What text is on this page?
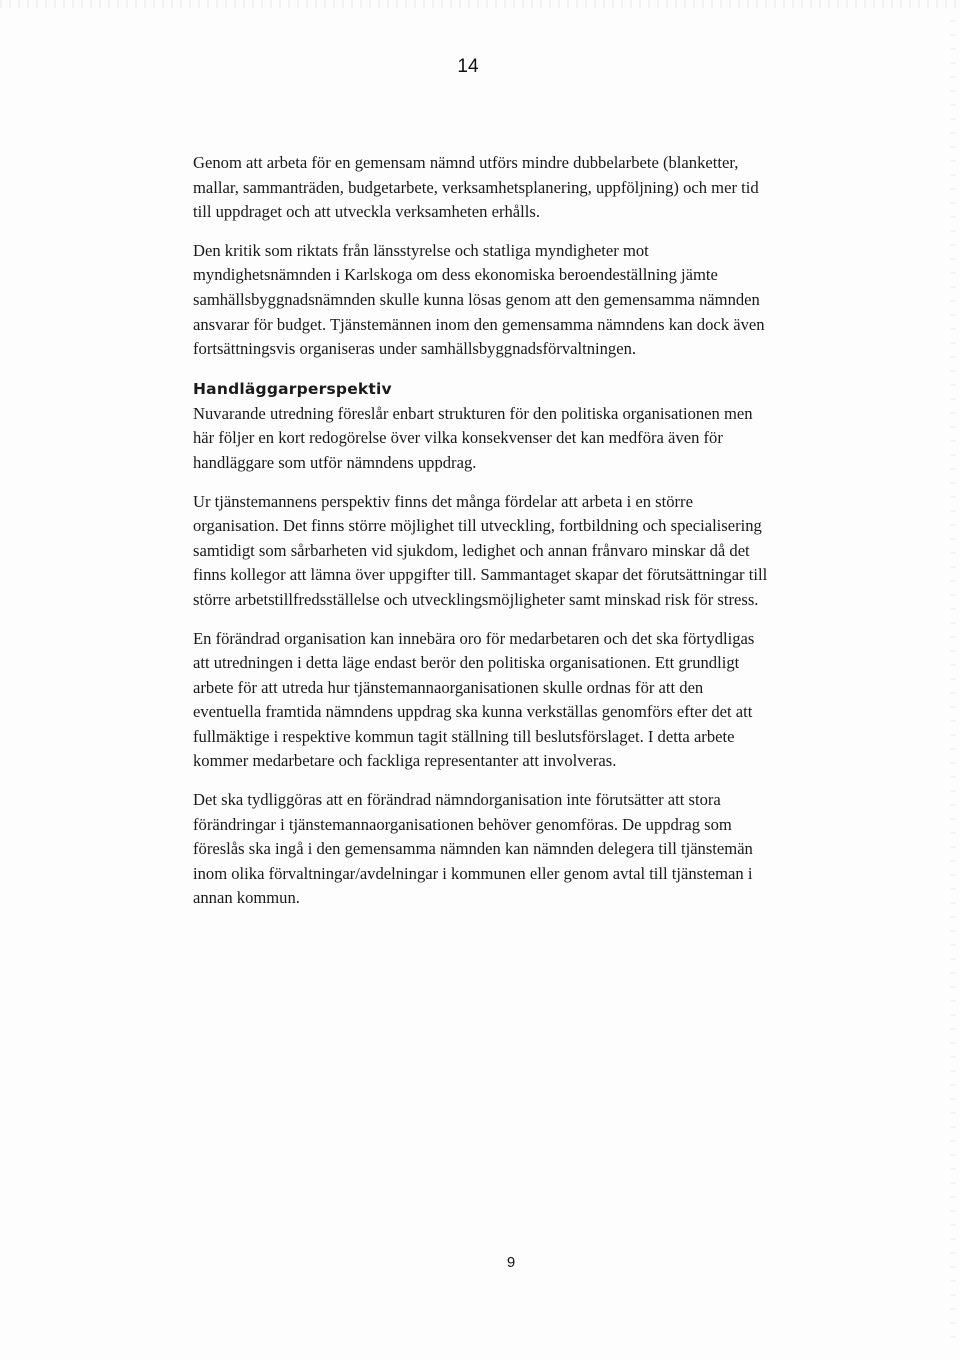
14

Genom att arbeta för en gemensam nämnd utförs mindre dubbelarbete (blanketter,
mallar, sammanträden, budgetarbete, verksamhetsplanering, uppföljning) och mer tid
till uppdraget och att utveckla verksamheten erhålls.

Den kritik som riktats från länsstyrelse och statliga myndigheter mot
myndighetsnämnden i Karlskoga om dess ekonomiska beroendeställning jämte
samhällsbyggnadsnämnden skulle kunna lösas genom att den gemensamma nämnden
ansvarar för budget. Tjänstemännen inom den gemensamma nämndens kan dock även
fortsättningsvis organiseras under samhällsbyggnadsförvaltningen.

Handläggarperspektiv

Nuvarande utredning föreslår enbart strukturen för den politiska organisationen men
här följer en kort redogörelse över vilka konsekvenser det kan medföra även för
handläggare som utför nämndens uppdrag.

Ur tjänstemannens perspektiv finns det många fördelar att arbeta i en större
organisation. Det finns större möjlighet till utveckling, fortbildning och specialisering
samtidigt som sårbarheten vid sjukdom, ledighet och annan frånvaro minskar då det
finns kollegor att lämna över uppgifter till. Sammantaget skapar det förutsättningar till
större arbetstillfredsställelse och utvecklingsmöjligheter samt minskad risk för stress.

En förändrad organisation kan innebära oro för medarbetaren och det ska förtydligas
att utredningen i detta läge endast berör den politiska organisationen. Ett grundligt
arbete för att utreda hur tjänstemannaorganisationen skulle ordnas för att den
eventuella framtida nämndens uppdrag ska kunna verkställas genomförs efter det att
fullmäktige i respektive kommun tagit ställning till beslutsförslaget. I detta arbete
kommer medarbetare och fackliga representanter att involveras.

Det ska tydliggöras att en förändrad nämndorganisation inte förutsätter att stora
förändringar i tjänstemannaorganisationen behöver genomföras. De uppdrag som
föreslås ska ingå i den gemensamma nämnden kan nämnden delegera till tjänstemän
inom olika förvaltningar/avdelningar i kommunen eller genom avtal till tjänsteman i
annan kommun.

9
